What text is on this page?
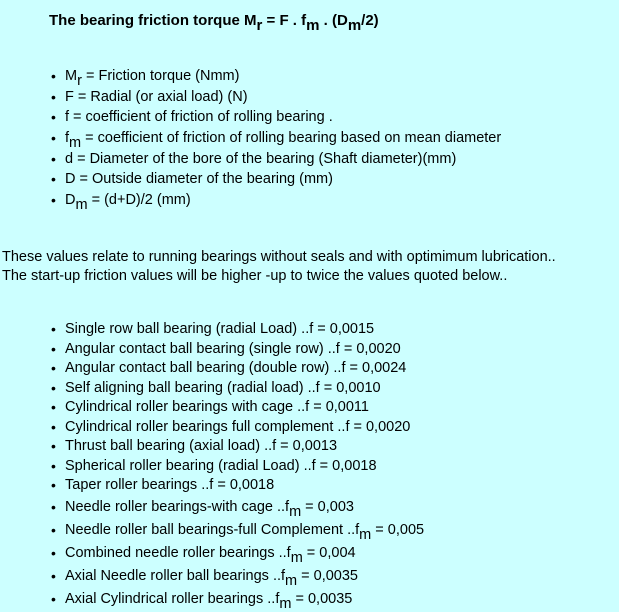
The bearing friction torque $M_r = F$ . $f_m$ . $(D_m/2)$
• $M_r$ = Friction torque (Nmm)
• F = Radial (or axial load) (N)
• f = coefficient of friction of rolling bearing .
• $f_m$ = coefficient of friction of rolling bearing based on mean diameter
• d = Diameter of the bore of the bearing (Shaft diameter)(mm)
• D = Outside diameter of the bearing (mm)
• $D_m = (d+D)/2$ (mm)
These values relate to running bearings without seals and with optimimum lubrication..
The start-up friction values will be higher -up to twice the values quoted below..
• Single row ball bearing (radial Load) ..f = 0,0015
• Angular contact ball bearing (single row) ..f = 0,0020
• Angular contact ball bearing (double row) ..f = 0,0024
• Self aligning ball bearing (radial load) ..f = 0,0010
• Cylindrical roller bearings with cage ..f = 0,0011
• Cylindrical roller bearings full complement ..f = 0,0020
• Thrust ball bearing (axial load) ..f = 0,0013
• Spherical roller bearing (radial Load) ..f = 0,0018
• Taper roller bearings ..f = 0,0018
• Needle roller bearings-with cage $..f_m = 0,003$
• Needle roller ball bearings-full Complement $..f_m = 0,005$
• Combined needle roller bearings $..f_m = 0,004$
• Axial Needle roller ball bearings $..f_m = 0,0035$
• Axial Cylindrical roller bearings $..f_m = 0,0035$
